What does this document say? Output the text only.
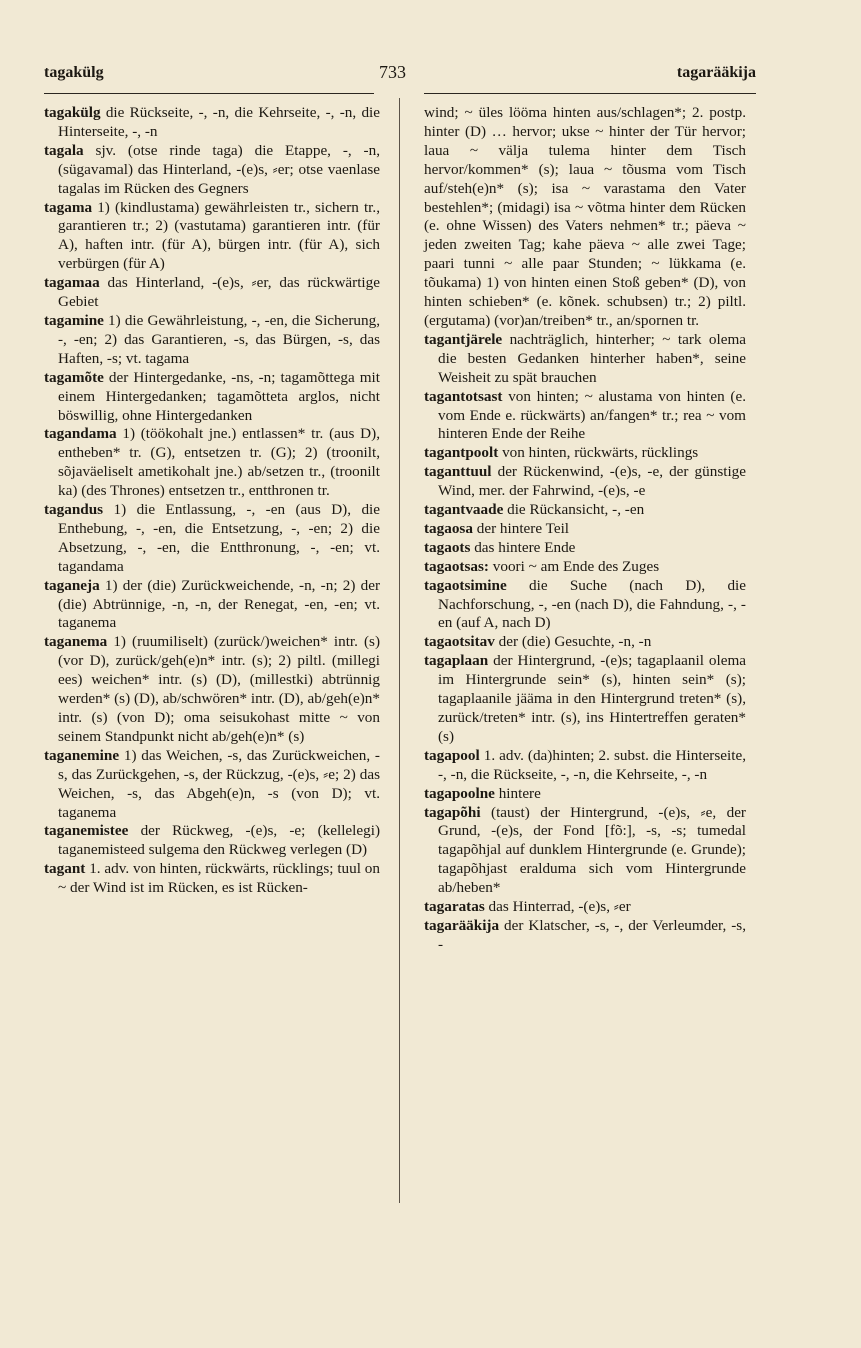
tagakülg	733	tagarääkija

tagakülg die Rückseite, -, -n, die Kehrseite, -, -n, die Hinterseite, -, -n

tagala sjv. (otse rinde taga) die Etappe, -, -n, (sügavamal) das Hinterland, -(e)s, ⸗er; otse vaenlase tagalas im Rücken des Gegners

tagama 1) (kindlustama) gewährleisten tr., sichern tr., garantieren tr.; 2) (vastutama) garantieren intr. (für A), haften intr. (für A), bürgen intr. (für A), sich verbürgen (für A)

tagamaa das Hinterland, -(e)s, ⸗er, das rückwärtige Gebiet

tagamine 1) die Gewährleistung, -, -en, die Sicherung, -, -en; 2) das Garantieren, -s, das Bürgen, -s, das Haften, -s; vt. tagama

tagamõte der Hintergedanke, -ns, -n; tagamõttega mit einem Hintergedanken; tagamõtteta arglos, nicht böswillig, ohne Hintergedanken

tagandama 1) (töökohalt jne.) entlassen* tr. (aus D), entheben* tr. (G), entsetzen tr. (G); 2) (troonilt, sõjaväeliselt ametikohalt jne.) ab/setzen tr., (troonilt ka) (des Thrones) entsetzen tr., entthronen tr.

tagandus 1) die Entlassung, -, -en (aus D), die Enthebung, -, -en, die Entsetzung, -, -en; 2) die Absetzung, -, -en, die Entthronung, -, -en; vt. tagandama

taganeja 1) der (die) Zurückweichende, -n, -n; 2) der (die) Abtrünnige, -n, -n, der Renegat, -en, -en; vt. taganema

taganema 1) (ruumiliselt) (zurück/)weichen* intr. (s) (vor D), zurück/geh(e)n* intr. (s); 2) piltl. (millegi ees) weichen* intr. (s) (D), (millestki) abtrünnig werden* (s) (D), ab/schwören* intr. (D), ab/geh(e)n* intr. (s) (von D); oma seisukohast mitte ~ von seinem Standpunkt nicht ab/geh(e)n* (s)

taganemine 1) das Weichen, -s, das Zurückweichen, -s, das Zurückgehen, -s, der Rückzug, -(e)s, ⸗e; 2) das Weichen, -s, das Abgeh(e)n, -s (von D); vt. taganema

taganemistee der Rückweg, -(e)s, -e; (kellelegi) taganemisteed sulgema den Rückweg verlegen (D)

tagant 1. adv. von hinten, rückwärts, rücklings; tuul on ~ der Wind ist im Rücken, es ist Rücken-

wind; ~ üles lööma hinten aus/schlagen*; 2. postp. hinter (D) … hervor; ukse ~ hinter der Tür hervor; laua ~ välja tulema hinter dem Tisch hervor/kommen* (s); laua ~ tõusma vom Tisch auf/steh(e)n* (s); isa ~ varastama den Vater bestehlen*; (midagi) isa ~ võtma hinter dem Rücken (e. ohne Wissen) des Vaters nehmen* tr.; päeva ~ jeden zweiten Tag; kahe päeva ~ alle zwei Tage; paari tunni ~ alle paar Stunden; ~ lükkama (e. tõukama) 1) von hinten einen Stoß geben* (D), von hinten schieben* (e. kõnek. schubsen) tr.; 2) piltl. (ergutama) (vor)an/treiben* tr., an/spornen tr.

tagantjärele nachträglich, hinterher; ~ tark olema die besten Gedanken hinterher haben*, seine Weisheit zu spät brauchen

tagantotsast von hinten; ~ alustama von hinten (e. vom Ende e. rückwärts) an/fangen* tr.; rea ~ vom hinteren Ende der Reihe

tagantpoolt von hinten, rückwärts, rücklings

taganttuul der Rückenwind, -(e)s, -e, der günstige Wind, mer. der Fahrwind, -(e)s, -e

tagantvaade die Rückansicht, -, -en

tagaosa der hintere Teil

tagaots das hintere Ende

tagaotsas: voori ~ am Ende des Zuges

tagaotsimine die Suche (nach D), die Nachforschung, -, -en (nach D), die Fahndung, -, -en (auf A, nach D)

tagaotsitav der (die) Gesuchte, -n, -n

tagaplaan der Hintergrund, -(e)s; tagaplaanil olema im Hintergrunde sein* (s), hinten sein* (s); tagaplaanile jääma in den Hintergrund treten* (s), zurück/treten* intr. (s), ins Hintertreffen geraten* (s)

tagapool 1. adv. (da)hinten; 2. subst. die Hinterseite, -, -n, die Rückseite, -, -n, die Kehrseite, -, -n

tagapoolne hintere

tagapõhi (taust) der Hintergrund, -(e)s, ⸗e, der Grund, -(e)s, der Fond [fõ:], -s, -s; tumedal tagapõhjal auf dunklem Hintergrunde (e. Grunde); tagapõhjast eralduma sich vom Hintergrunde ab/heben*

tagaratas das Hinterrad, -(e)s, ⸗er

tagarääkija der Klatscher, -s, -, der Verleumder, -s, -
